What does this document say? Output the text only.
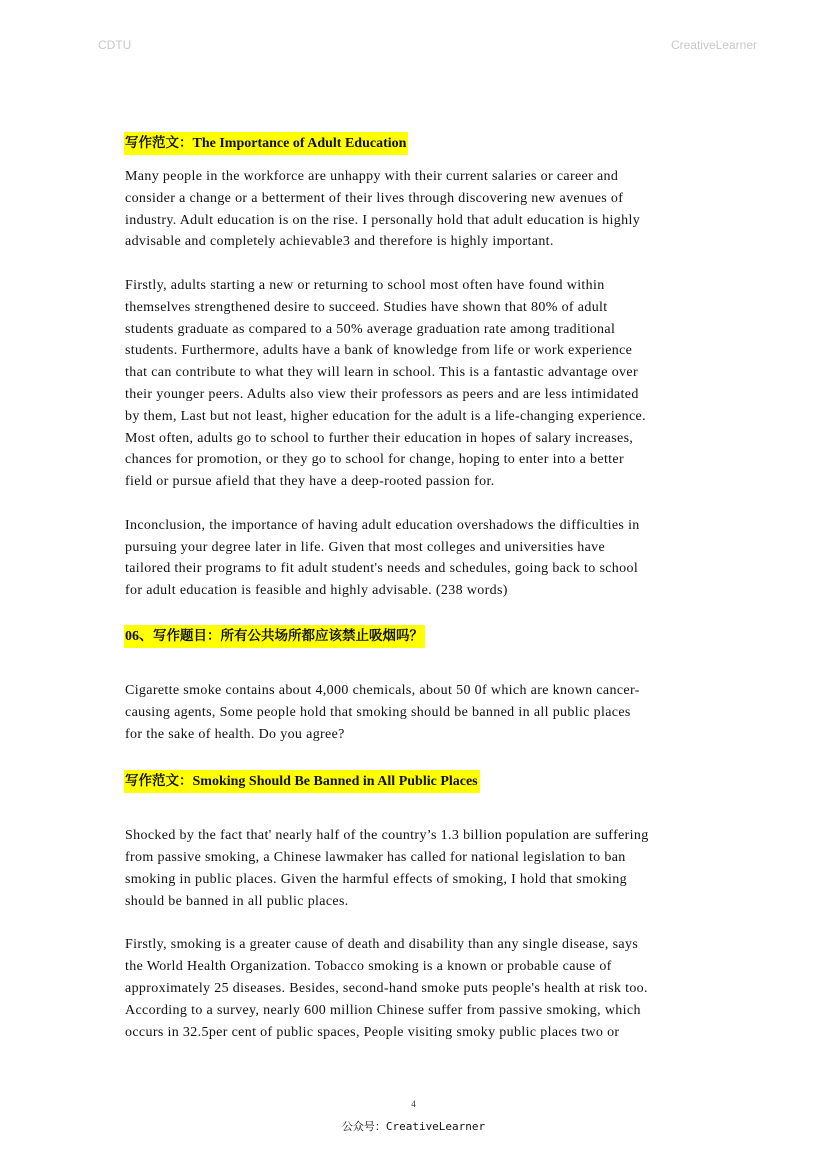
CDTU	CreativeLearner
写作范文：The Importance of Adult Education

Many people in the workforce are unhappy with their current salaries or career and
consider a change or a betterment of their lives through discovering new avenues of
industry. Adult education is on the rise. I personally hold that adult education is highly
advisable and completely achievable3 and therefore is highly important.

Firstly, adults starting a new or returning to school most often have found within
themselves strengthened desire to succeed. Studies have shown that 80% of adult
students graduate as compared to a 50% average graduation rate among traditional
students. Furthermore, adults have a bank of knowledge from life or work experience
that can contribute to what they will learn in school. This is a fantastic advantage over
their younger peers. Adults also view their professors as peers and are less intimidated
by them, Last but not least, higher education for the adult is a life-changing experience.
Most often, adults go to school to further their education in hopes of salary increases,
chances for promotion, or they go to school for change, hoping to enter into a better
field or pursue afield that they have a deep-rooted passion for.

Inconclusion, the importance of having adult education overshadows the difficulties in
pursuing your degree later in life. Given that most colleges and universities have
tailored their programs to fit adult student's needs and schedules, going back to school
for adult education is feasible and highly advisable. (238 words)

06、写作题目：所有公共场所都应该禁止吸烟吗？

Cigarette smoke contains about 4,000 chemicals, about 50 0f which are known cancer-
causing agents, Some people hold that smoking should be banned in all public places
for the sake of health. Do you agree?

写作范文：Smoking Should Be Banned in All Public Places

Shocked by the fact that' nearly half of the country’s 1.3 billion population are suffering
from passive smoking, a Chinese lawmaker has called for national legislation to ban
smoking in public places. Given the harmful effects of smoking, I hold that smoking
should be banned in all public places.

Firstly, smoking is a greater cause of death and disability than any single disease, says
the World Health Organization. Tobacco smoking is a known or probable cause of
approximately 25 diseases. Besides, second-hand smoke puts people's health at risk too.
According to a survey, nearly 600 million Chinese suffer from passive smoking, which
occurs in 32.5per cent of public spaces, People visiting smoky public places two or

4
公众号：CreativeLearner
